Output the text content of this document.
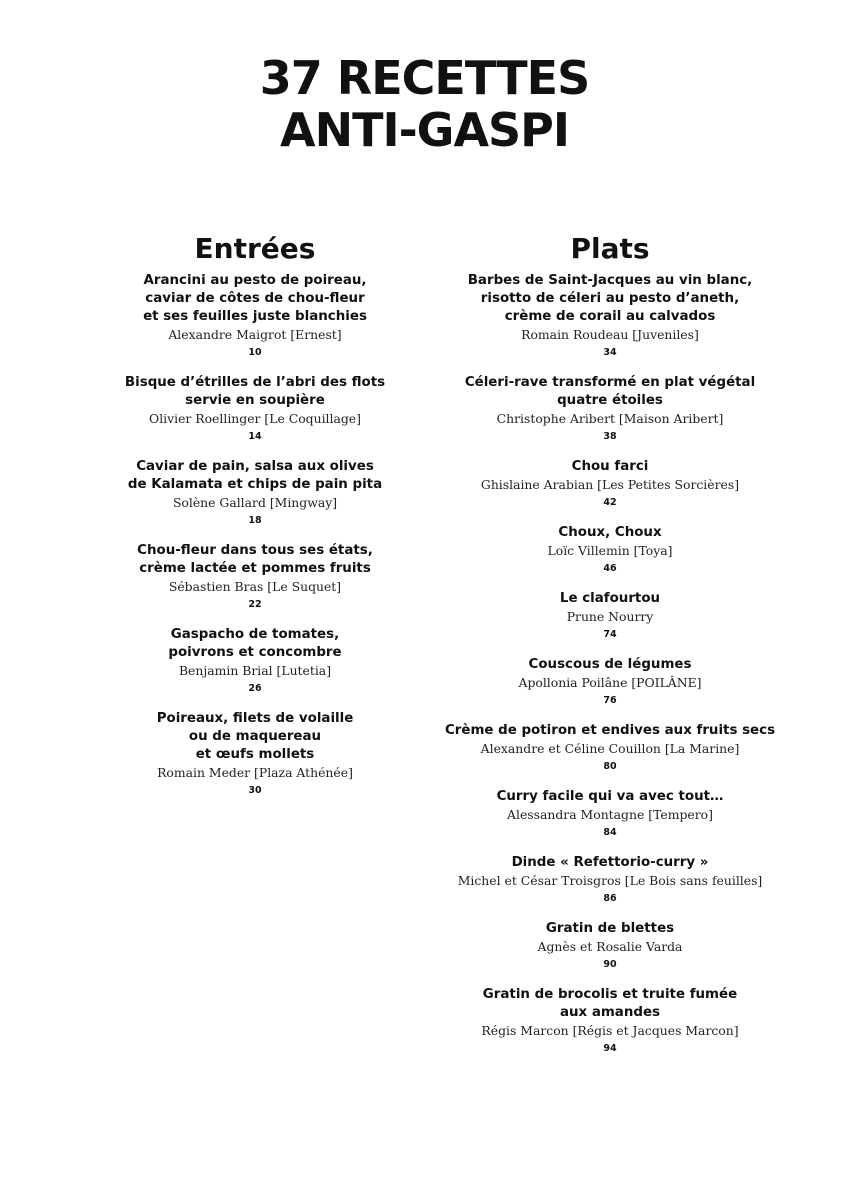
37 RECETTES
ANTI-GASPI
Entrées
Arancini au pesto de poireau,
caviar de côtes de chou-fleur
et ses feuilles juste blanchies
Alexandre Maigrot [Ernest]
10
Bisque d’étrilles de l’abri des flots
servie en soupière
Olivier Roellinger [Le Coquillage]
14
Caviar de pain, salsa aux olives
de Kalamata et chips de pain pita
Solène Gallard [Mingway]
18
Chou-fleur dans tous ses états,
crème lactée et pommes fruits
Sébastien Bras [Le Suquet]
22
Gaspacho de tomates,
poivrons et concombre
Benjamin Brial [Lutetia]
26
Poireaux, filets de volaille
ou de maquereau
et œufs mollets
Romain Meder [Plaza Athénée]
30
Plats
Barbes de Saint-Jacques au vin blanc,
risotto de céleri au pesto d’aneth,
crème de corail au calvados
Romain Roudeau [Juveniles]
34
Céleri-rave transformé en plat végétal
quatre étoiles
Christophe Aribert [Maison Aribert]
38
Chou farci
Ghislaine Arabian [Les Petites Sorcières]
42
Choux, Choux
Loïc Villemin [Toya]
46
Le clafourtou
Prune Nourry
74
Couscous de légumes
Apollonia Poilâne [POILÂNE]
76
Crème de potiron et endives aux fruits secs
Alexandre et Céline Couillon [La Marine]
80
Curry facile qui va avec tout…
Alessandra Montagne [Tempero]
84
Dinde « Refettorio-curry »
Michel et César Troisgros [Le Bois sans feuilles]
86
Gratin de blettes
Agnès et Rosalie Varda
90
Gratin de brocolis et truite fumée
aux amandes
Régis Marcon [Régis et Jacques Marcon]
94
